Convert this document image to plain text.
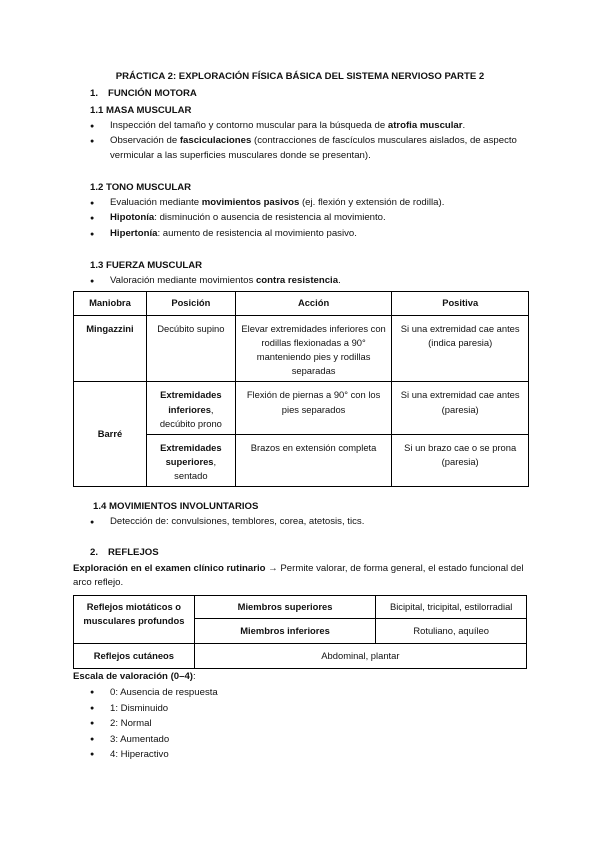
PRÁCTICA 2: EXPLORACIÓN FÍSICA BÁSICA DEL SISTEMA NERVIOSO PARTE 2
1. FUNCIÓN MOTORA
1.1 MASA MUSCULAR
● Inspección del tamaño y contorno muscular para la búsqueda de atrofia muscular.
● Observación de fasciculaciones (contracciones de fascículos musculares aislados, de aspecto vermicular a las superficies musculares donde se presentan).
1.2 TONO MUSCULAR
● Evaluación mediante movimientos pasivos (ej. flexión y extensión de rodilla).
● Hipotonía: disminución o ausencia de resistencia al movimiento.
● Hipertonía: aumento de resistencia al movimiento pasivo.
1.3 FUERZA MUSCULAR
● Valoración mediante movimientos contra resistencia.
Maniobra	Posición	Acción	Positiva
Mingazzini	Decúbito supino	Elevar extremidades inferiores con rodillas flexionadas a 90° manteniendo pies y rodillas separadas	Si una extremidad cae antes (indica paresia)
Barré	Extremidades inferiores, decúbito prono	Flexión de piernas a 90° con los pies separados	Si una extremidad cae antes (paresia)
	Extremidades superiores, sentado	Brazos en extensión completa	Si un brazo cae o se prona (paresia)
1.4 MOVIMIENTOS INVOLUNTARIOS
● Detección de: convulsiones, temblores, corea, atetosis, tics.
2. REFLEJOS
Exploración en el examen clínico rutinario → Permite valorar, de forma general, el estado funcional del arco reflejo.
Reflejos miotáticos o musculares profundos	Miembros superiores	Bicipital, tricipital, estilorradial
	Miembros inferiores	Rotuliano, aquíleo
Reflejos cutáneos	Abdominal, plantar	
Escala de valoración (0–4):
● 0: Ausencia de respuesta
● 1: Disminuido
● 2: Normal
● 3: Aumentado
● 4: Hiperactivo
